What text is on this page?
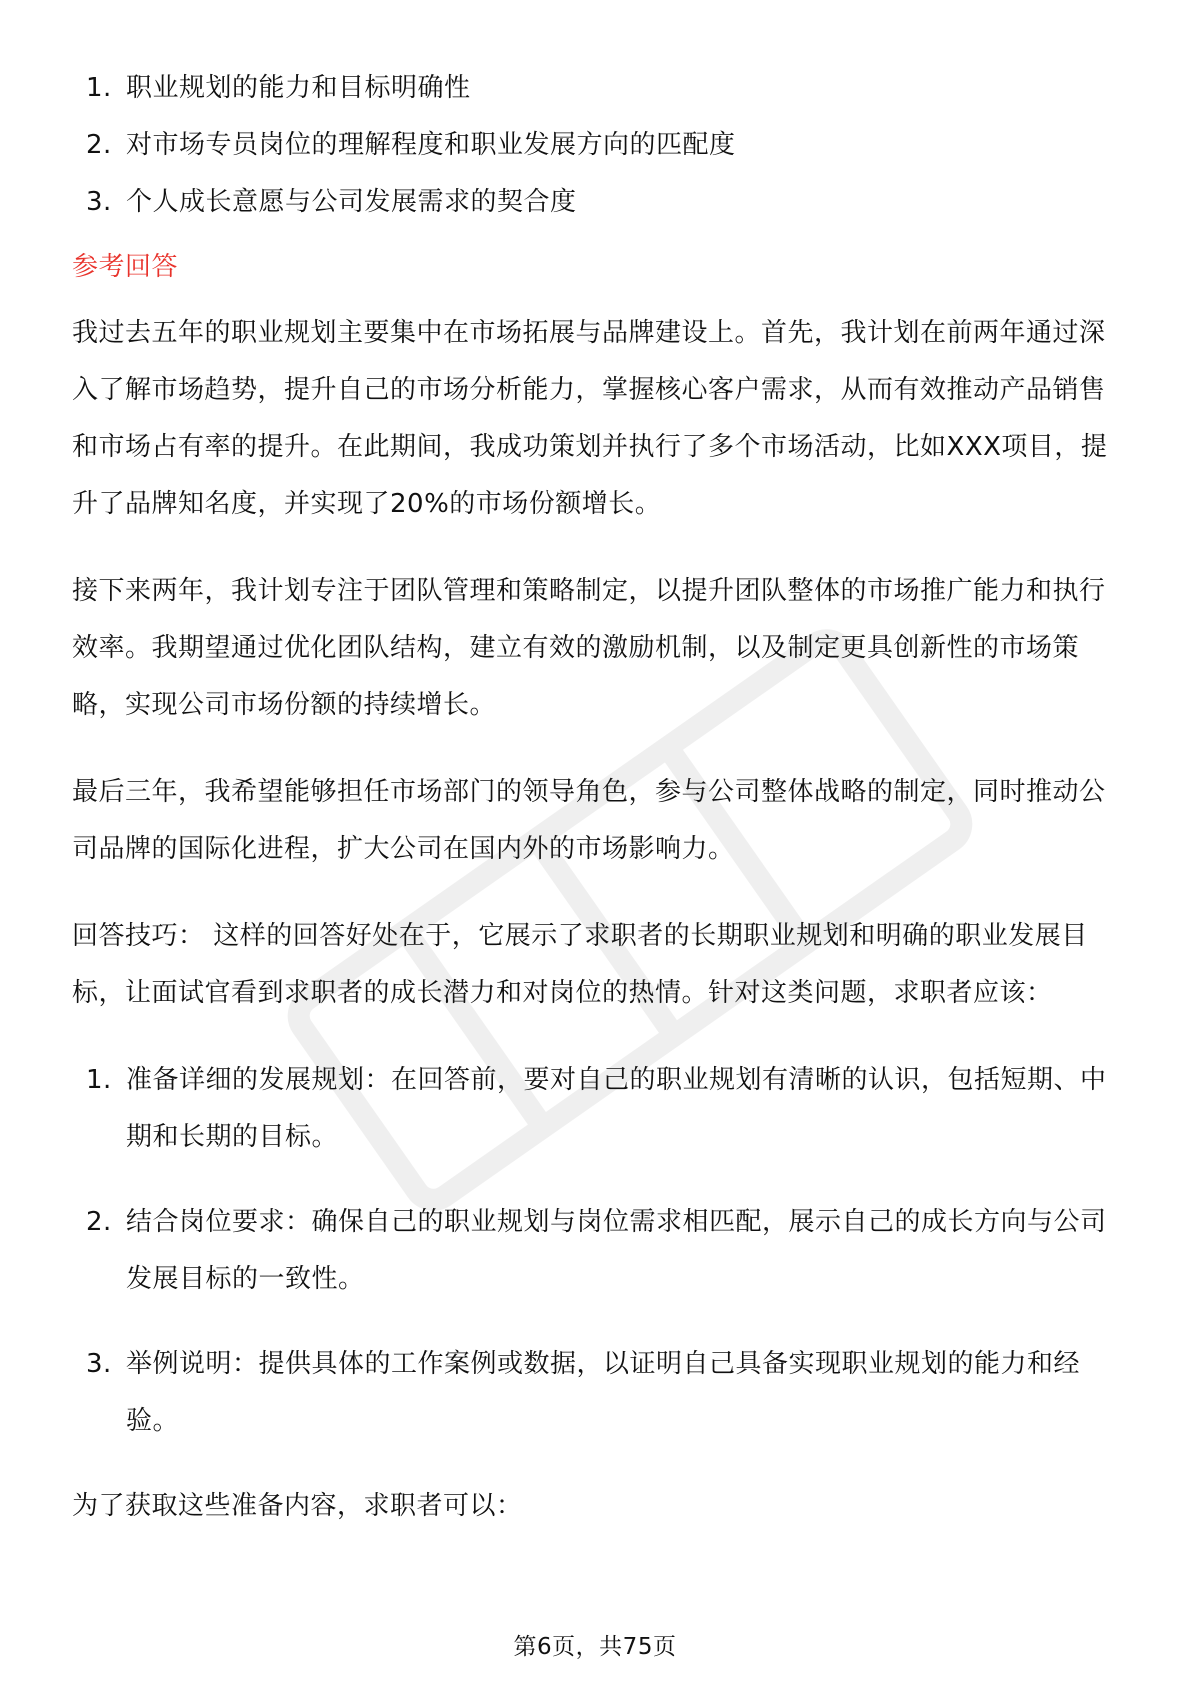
1. 职业规划的能力和目标明确性
2. 对市场专员岗位的理解程度和职业发展方向的匹配度
3. 个人成长意愿与公司发展需求的契合度
参考回答

我过去五年的职业规划主要集中在市场拓展与品牌建设上。首先，我计划在前两年通过深入了解市场趋势，提升自己的市场分析能力，掌握核心客户需求，从而有效推动产品销售和市场占有率的提升。在此期间，我成功策划并执行了多个市场活动，比如XXX项目，提升了品牌知名度，并实现了20%的市场份额增长。

接下来两年，我计划专注于团队管理和策略制定，以提升团队整体的市场推广能力和执行效率。我期望通过优化团队结构，建立有效的激励机制，以及制定更具创新性的市场策略，实现公司市场份额的持续增长。

最后三年，我希望能够担任市场部门的领导角色，参与公司整体战略的制定，同时推动公司品牌的国际化进程，扩大公司在国内外的市场影响力。

回答技巧： 这样的回答好处在于，它展示了求职者的长期职业规划和明确的职业发展目标，让面试官看到求职者的成长潜力和对岗位的热情。针对这类问题，求职者应该：

1. 准备详细的发展规划：在回答前，要对自己的职业规划有清晰的认识，包括短期、中期和长期的目标。
2. 结合岗位要求：确保自己的职业规划与岗位需求相匹配，展示自己的成长方向与公司发展目标的一致性。
3. 举例说明：提供具体的工作案例或数据，以证明自己具备实现职业规划的能力和经验。

为了获取这些准备内容，求职者可以：

第6页，共75页
